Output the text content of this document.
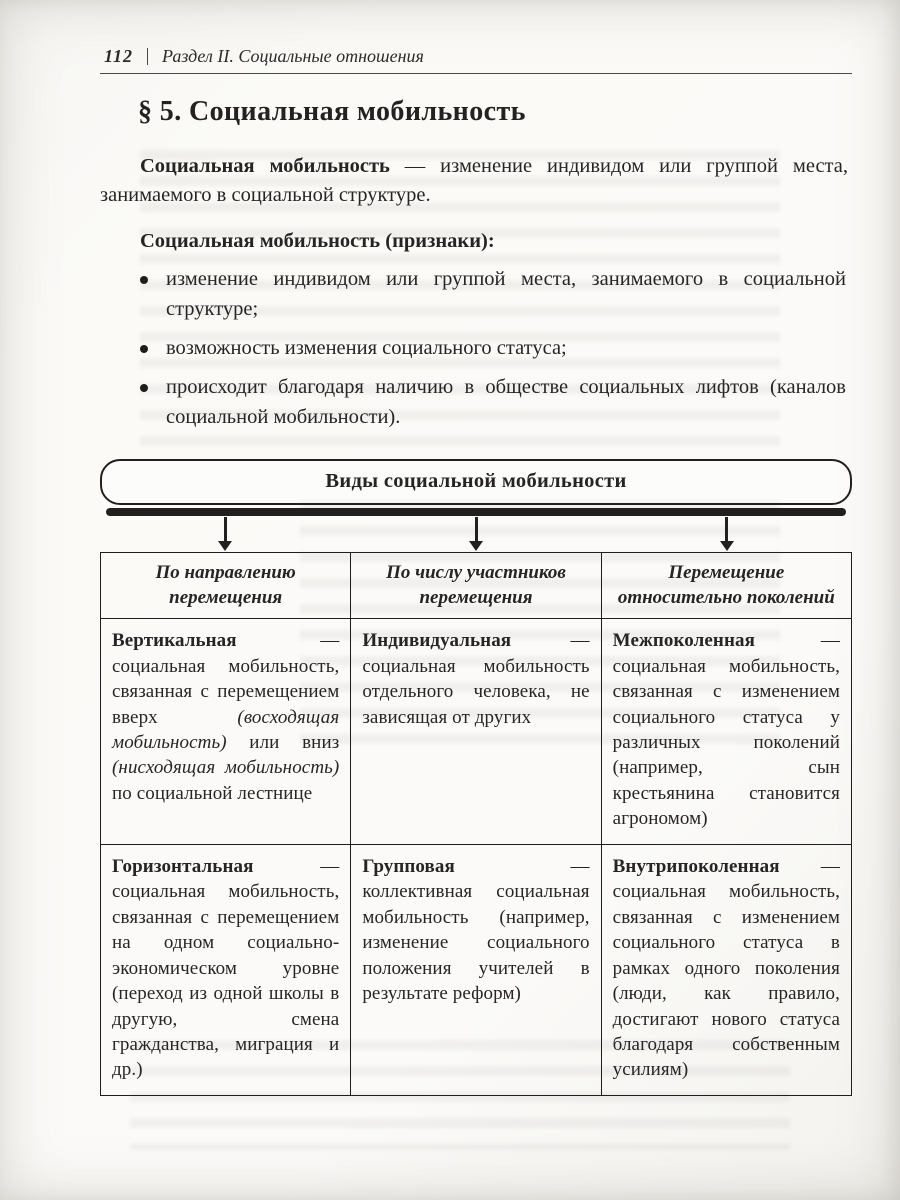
112 Раздел II. Социальные отношения
§ 5. Социальная мобильность

Социальная мобильность — изменение индивидом или группой места, занимаемого в социальной структуре.

Социальная мобильность (признаки):

изменение индивидом или группой места, занимаемого в социальной структуре;
возможность изменения социального статуса;
происходит благодаря наличию в обществе социальных лифтов (каналов социальной мобильности).
Виды социальной мобильности
По направлению перемещения	По числу участников перемещения	Перемещение относительно поколений
Вертикальная — социальная мобильность, связанная с перемещением вверх (восходящая мобильность) или вниз (нисходящая мобильность) по социальной лестнице	Индивидуальная — социальная мобильность отдельного человека, не зависящая от других	Межпоколенная — социальная мобильность, связанная с изменением социального статуса у различных поколений (например, сын крестьянина становится агрономом)
Горизонтальная — социальная мобильность, связанная с перемещением на одном социально-экономическом уровне (переход из одной школы в другую, смена гражданства, миграция и др.)	Групповая — коллективная социальная мобильность (например, изменение социального положения учителей в результате реформ)	Внутрипоколенная — социальная мобильность, связанная с изменением социального статуса в рамках одного поколения (люди, как правило, достигают нового статуса благодаря собственным усилиям)
